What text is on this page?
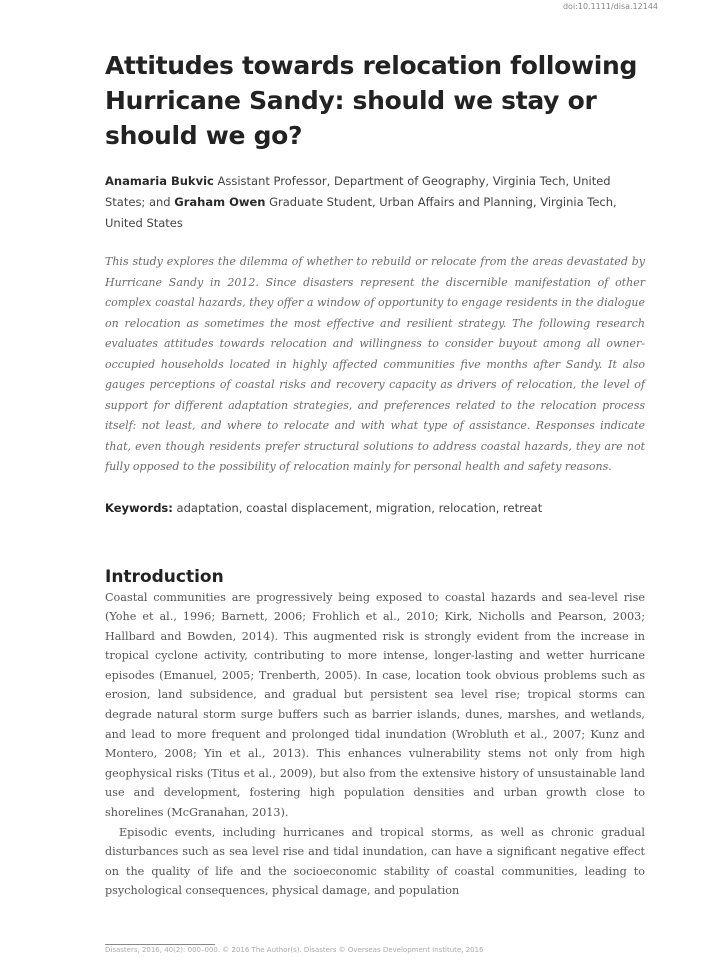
doi:10.1111/disa.12144
Attitudes towards relocation following Hurricane Sandy: should we stay or should we go?
Anamaria Bukvic Assistant Professor, Department of Geography, Virginia Tech, United States; and Graham Owen Graduate Student, Urban Affairs and Planning, Virginia Tech, United States

This study explores the dilemma of whether to rebuild or relocate from the areas devastated by Hurricane Sandy in 2012. Since disasters represent the discernible manifestation of other complex coastal hazards, they offer a window of opportunity to engage residents in the dialogue on relocation as sometimes the most effective and resilient strategy. The following research evaluates attitudes towards relocation and willingness to consider buyout among all owner-occupied households located in highly affected communities five months after Sandy. It also gauges perceptions of coastal risks and recovery capacity as drivers of relocation, the level of support for different adaptation strategies, and preferences related to the relocation process itself: not least, and where to relocate and with what type of assistance. Responses indicate that, even though residents prefer structural solutions to address coastal hazards, they are not fully opposed to the possibility of relocation mainly for personal health and safety reasons.

Keywords: adaptation, coastal displacement, migration, relocation, retreat
Introduction

Coastal communities are progressively being exposed to coastal hazards and sea-level rise (Yohe et al., 1996; Barnett, 2006; Frohlich et al., 2010; Kirk, Nicholls and Pearson, 2003; Hallbard and Bowden, 2014). This augmented risk is strongly evident from the increase in tropical cyclone activity, contributing to more intense, longer-lasting and wetter hurricane episodes (Emanuel, 2005; Trenberth, 2005). In case, location took obvious problems such as erosion, land subsidence, and gradual but persistent sea level rise; tropical storms can degrade natural storm surge buffers such as barrier islands, dunes, marshes, and wetlands, and lead to more frequent and prolonged tidal inundation (Wrobluth et al., 2007; Kunz and Montero, 2008; Yin et al., 2013). This enhances vulnerability stems not only from high geophysical risks (Titus et al., 2009), but also from the extensive history of unsustainable land use and development, fostering high population densities and urban growth close to shorelines (McGranahan, 2013).

Episodic events, including hurricanes and tropical storms, as well as chronic gradual disturbances such as sea level rise and tidal inundation, can have a significant negative effect on the quality of life and the socioeconomic stability of coastal communities, leading to psychological consequences, physical damage, and population

Disasters, 2016, 40(2): 000–000. © 2016 The Author(s). Disasters © Overseas Development Institute, 2016
